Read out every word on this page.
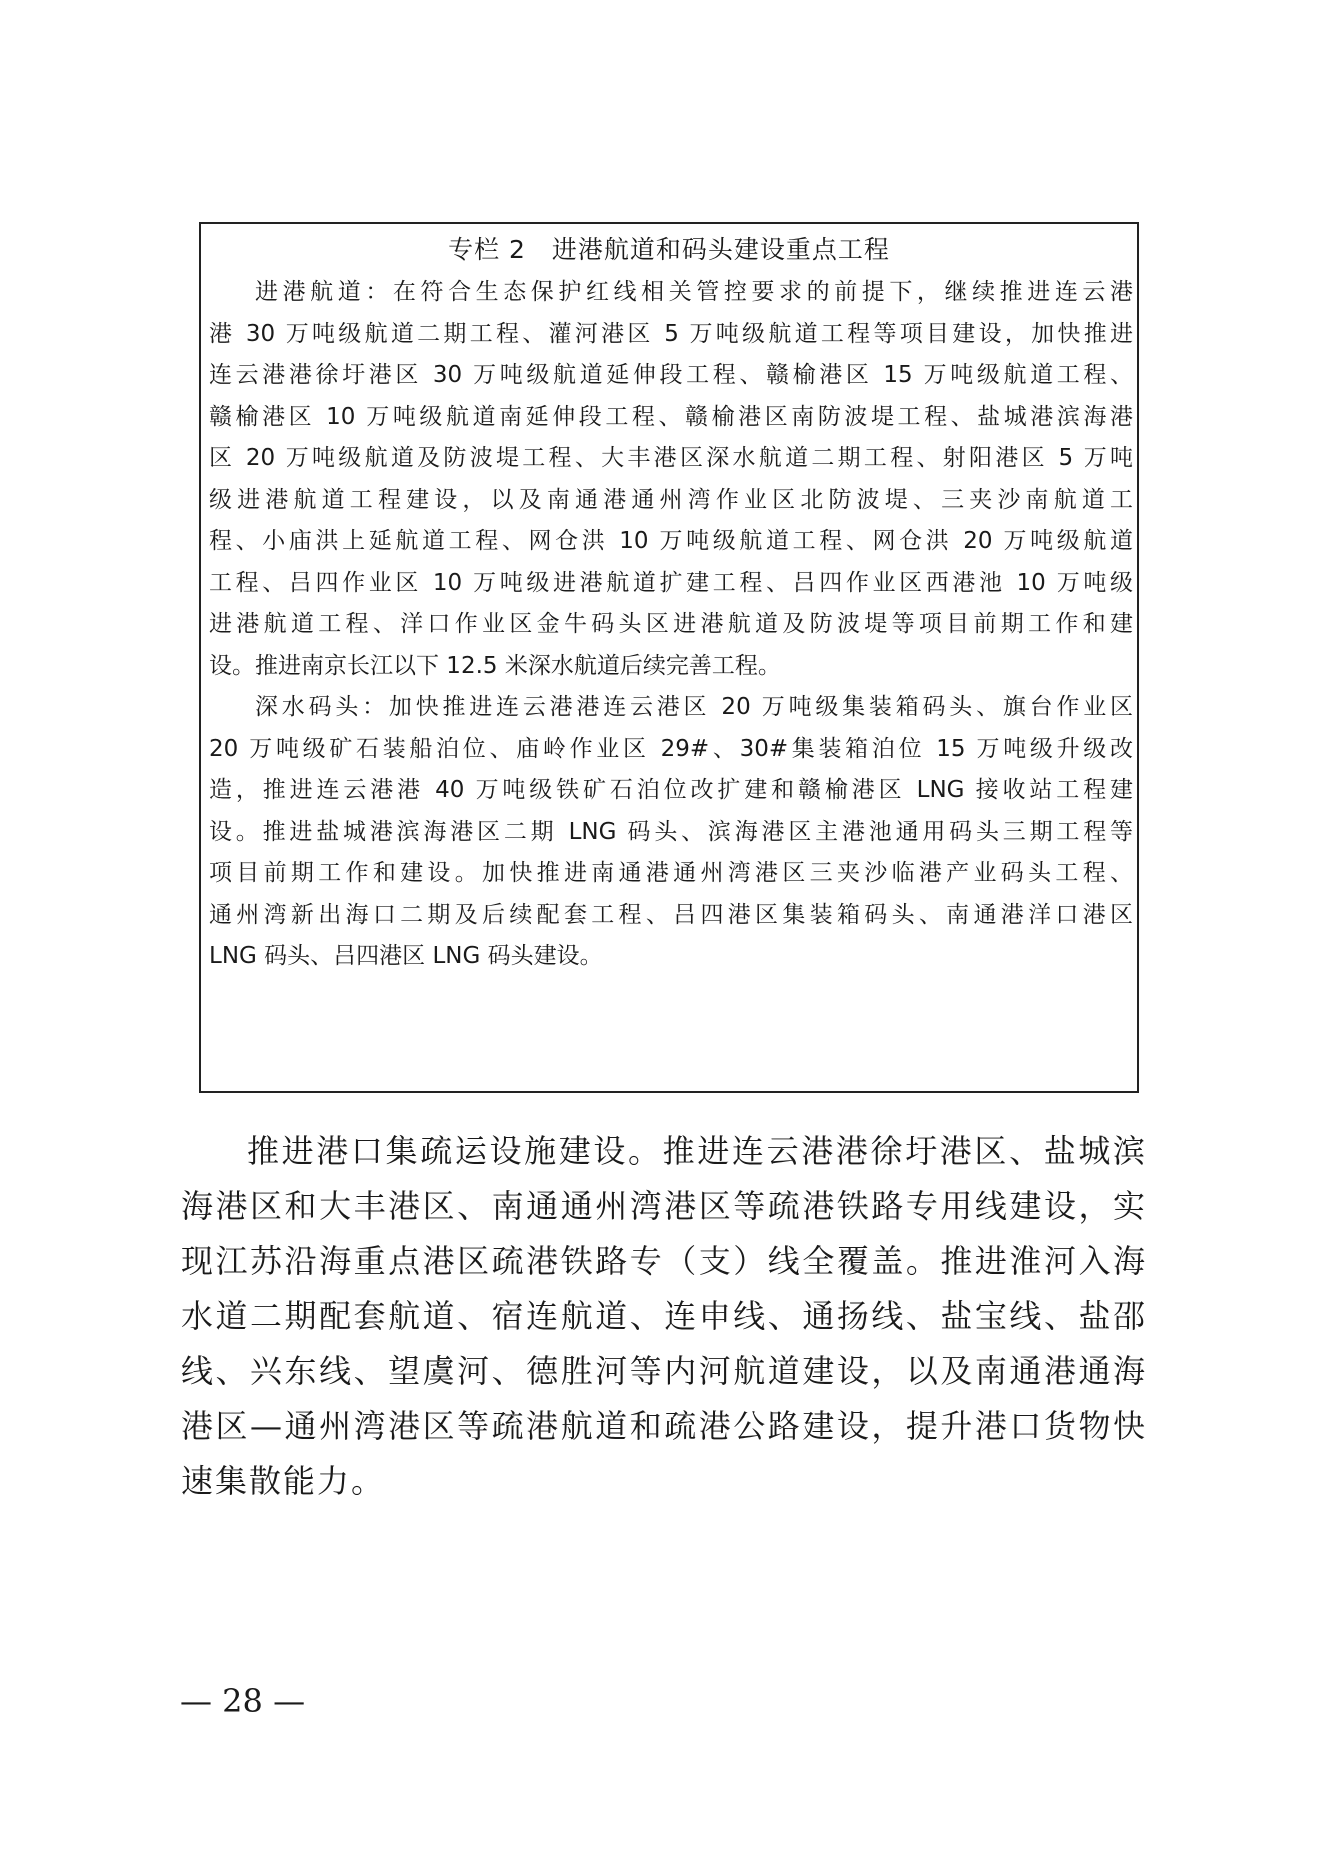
专栏 2　进港航道和码头建设重点工程
进港航道：在符合生态保护红线相关管控要求的前提下，继续推进连云港
港 30 万吨级航道二期工程、灌河港区 5 万吨级航道工程等项目建设，加快推进
连云港港徐圩港区 30 万吨级航道延伸段工程、赣榆港区 15 万吨级航道工程、
赣榆港区 10 万吨级航道南延伸段工程、赣榆港区南防波堤工程、盐城港滨海港
区 20 万吨级航道及防波堤工程、大丰港区深水航道二期工程、射阳港区 5 万吨
级进港航道工程建设，以及南通港通州湾作业区北防波堤、三夹沙南航道工
程、小庙洪上延航道工程、网仓洪 10 万吨级航道工程、网仓洪 20 万吨级航道
工程、吕四作业区 10 万吨级进港航道扩建工程、吕四作业区西港池 10 万吨级
进港航道工程、洋口作业区金牛码头区进港航道及防波堤等项目前期工作和建
设。推进南京长江以下 12.5 米深水航道后续完善工程。
深水码头：加快推进连云港港连云港区 20 万吨级集装箱码头、旗台作业区
20 万吨级矿石装船泊位、庙岭作业区 29#、30#集装箱泊位 15 万吨级升级改
造，推进连云港港 40 万吨级铁矿石泊位改扩建和赣榆港区 LNG 接收站工程建
设。推进盐城港滨海港区二期 LNG 码头、滨海港区主港池通用码头三期工程等
项目前期工作和建设。加快推进南通港通州湾港区三夹沙临港产业码头工程、
通州湾新出海口二期及后续配套工程、吕四港区集装箱码头、南通港洋口港区
LNG 码头、吕四港区 LNG 码头建设。
推进港口集疏运设施建设。推进连云港港徐圩港区、盐城滨
海港区和大丰港区、南通通州湾港区等疏港铁路专用线建设，实
现江苏沿海重点港区疏港铁路专（支）线全覆盖。推进淮河入海
水道二期配套航道、宿连航道、连申线、通扬线、盐宝线、盐邵
线、兴东线、望虞河、德胜河等内河航道建设，以及南通港通海
港区—通州湾港区等疏港航道和疏港公路建设，提升港口货物快
速集散能力。
— 28 —
